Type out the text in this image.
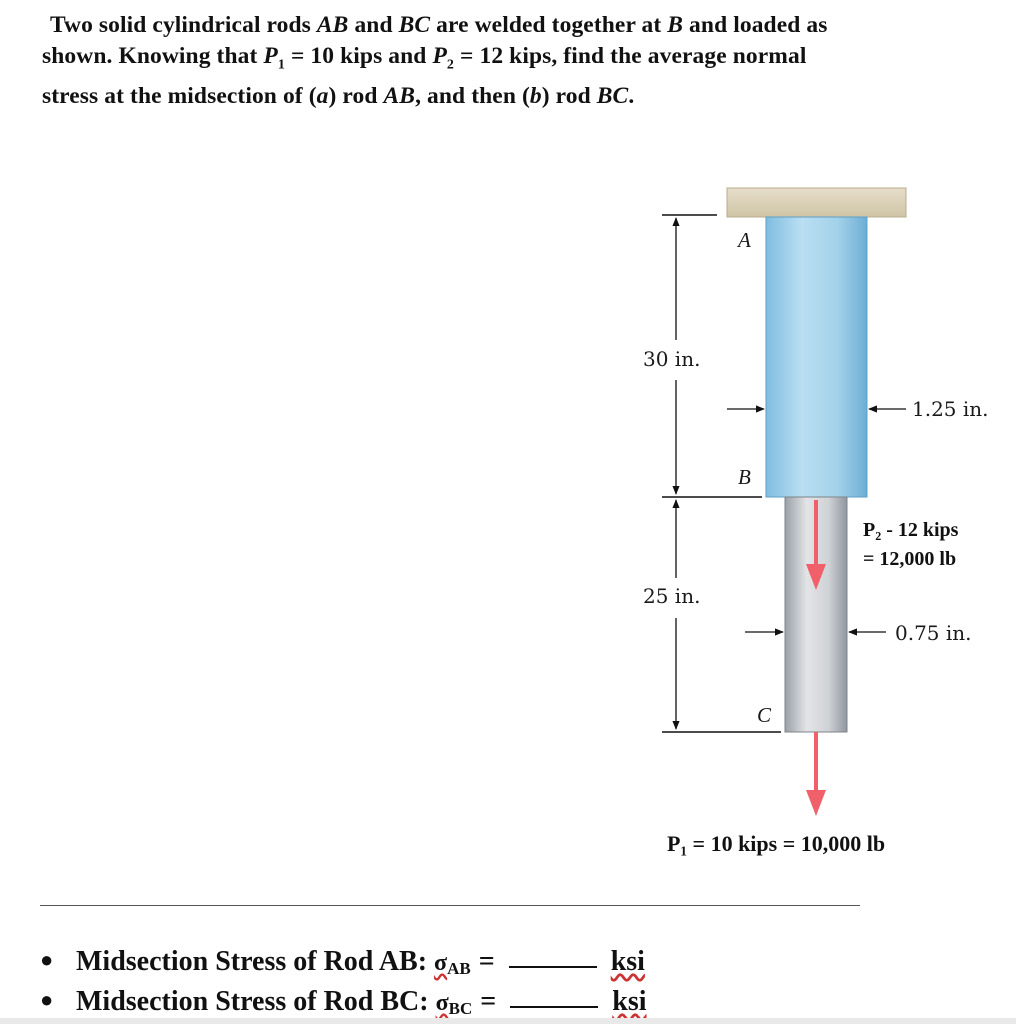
Two solid cylindrical rods AB and BC are welded together at B and loaded as
shown. Knowing that $P_1 = 10$ kips and $P_2 = 12$ kips, find the average normal
stress at the midsection of (a) rod AB, and then (b) rod BC.
30 in.
25 in.
A
B
C
1.25 in.
0.75 in.
P₂ - 12 kips
= 12,000 lb
P₁ = 10 kips = 10,000 lb
● Midsection Stress of Rod AB: $\sigma_{AB}$ =	ksi
● Midsection Stress of Rod BC: $\sigma_{BC}$ =	ksi
